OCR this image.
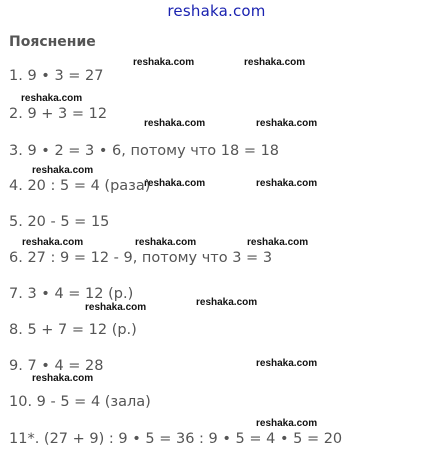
reshaka.com
Пояснение
1. 9 • 3 = 27
2. 9 + 3 = 12
3. 9 • 2 = 3 • 6, потому что 18 = 18
4. 20 : 5 = 4 (раза)
5. 20 - 5 = 15
6. 27 : 9 = 12 - 9, потому что 3 = 3
7. 3 • 4 = 12 (р.)
8. 5 + 7 = 12 (р.)
9. 7 • 4 = 28
10. 9 - 5 = 4 (зала)
11*. (27 + 9) : 9 • 5 = 36 : 9 • 5 = 4 • 5 = 20
reshaka.com	reshaka.com
reshaka.com
reshaka.com	reshaka.com
reshaka.com
reshaka.com	reshaka.com
reshaka.com	reshaka.com	reshaka.com
reshaka.com
reshaka.com
reshaka.com
reshaka.com
reshaka.com
